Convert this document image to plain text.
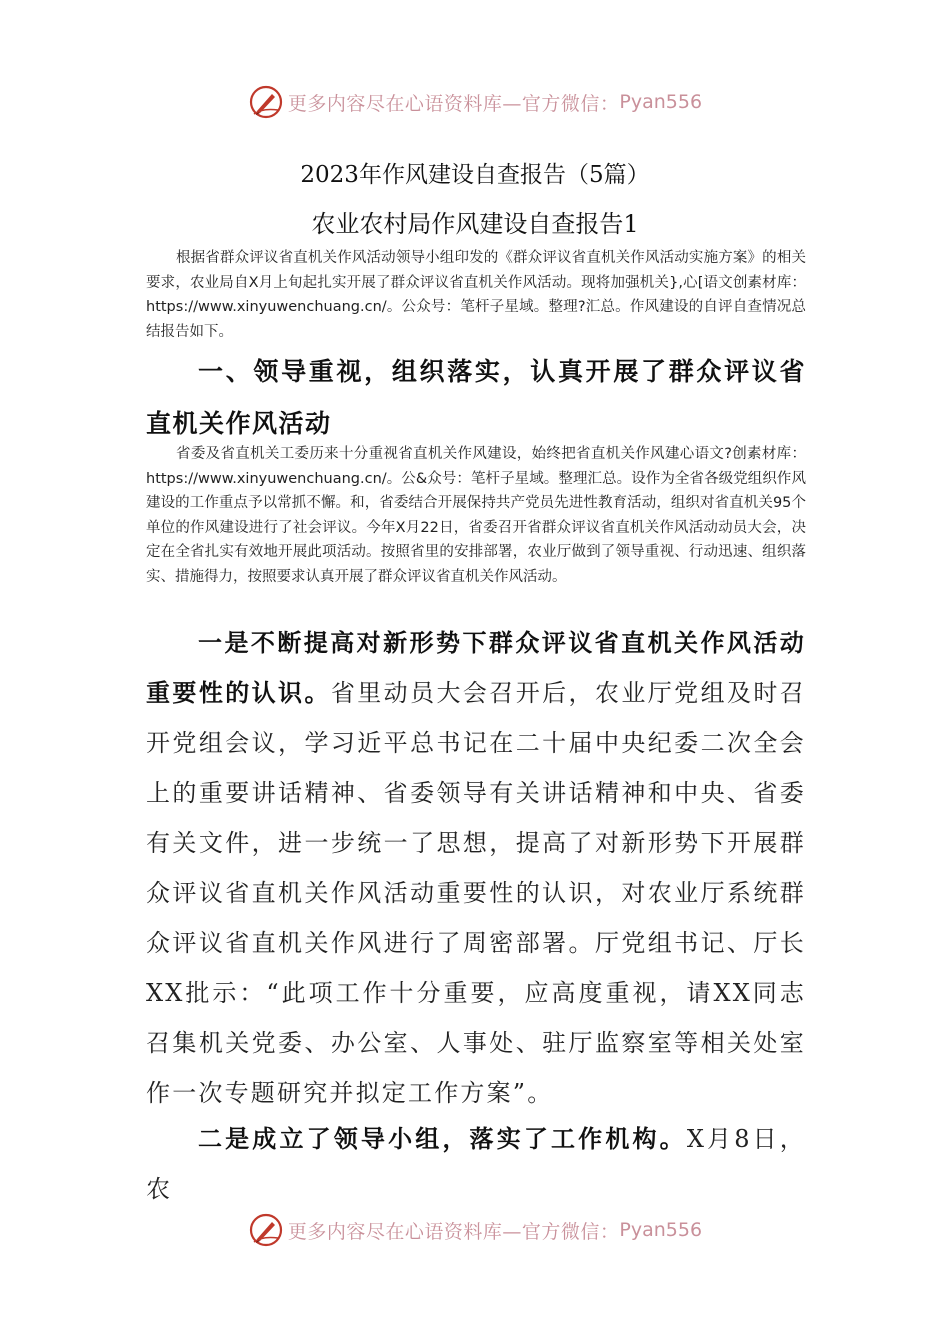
更多内容尽在心语资料库—官方微信： Pyan556
2023年作风建设自查报告（5篇）
农业农村局作风建设自查报告1

根据省群众评议省直机关作风活动领导小组印发的《群众评议省直机关作风活动实施方案》的相关要求，农业局自X月上旬起扎实开展了群众评议省直机关作风活动。现将加强机关},心[语文创素材库：https://www.xinyuwenchuang.cn/。公众号：笔杆子星域。整理?汇总。作风建设的自评自查情况总结报告如下。

一、领导重视，组织落实，认真开展了群众评议省直机关作风活动

省委及省直机关工委历来十分重视省直机关作风建设，始终把省直机关作风建心语文?创素材库：https://www.xinyuwenchuang.cn/。公&众号：笔杆子星域。整理汇总。设作为全省各级党组织作风建设的工作重点予以常抓不懈。和，省委结合开展保持共产党员先进性教育活动，组织对省直机关95个单位的作风建设进行了社会评议。今年X月22日，省委召开省群众评议省直机关作风活动动员大会，决定在全省扎实有效地开展此项活动。按照省里的安排部署，农业厅做到了领导重视、行动迅速、组织落实、措施得力，按照要求认真开展了群众评议省直机关作风活动。

一是不断提高对新形势下群众评议省直机关作风活动重要性的认识。省里动员大会召开后，农业厅党组及时召开党组会议，学习近平总书记在二十届中央纪委二次全会上的重要讲话精神、省委领导有关讲话精神和中央、省委有关文件，进一步统一了思想，提高了对新形势下开展群众评议省直机关作风活动重要性的认识，对农业厅系统群众评议省直机关作风进行了周密部署。厅党组书记、厅长XX批示：“此项工作十分重要，应高度重视，请XX同志召集机关党委、办公室、人事处、驻厅监察室等相关处室作一次专题研究并拟定工作方案”。

二是成立了领导小组，落实了工作机构。X月8日，农

更多内容尽在心语资料库—官方微信： Pyan556
